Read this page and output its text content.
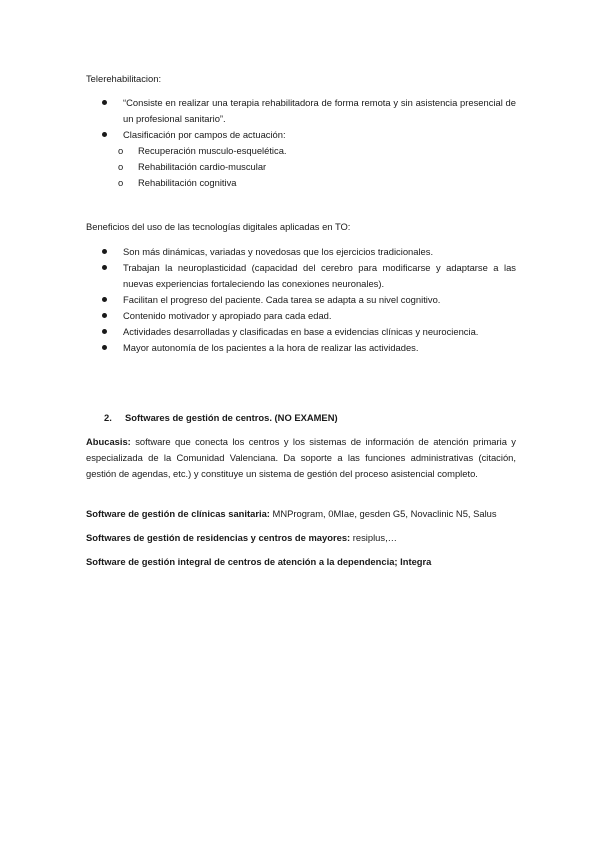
Telerehabilitacion:

“Consiste en realizar una terapia rehabilitadora de forma remota y sin asistencia presencial de un profesional sanitario”.

Clasificación por campos de actuación:

o Recuperación musculo-esquelética.
o Rehabilitación cardio-muscular
o Rehabilitación cognitiva
Beneficios del uso de las tecnologías digitales aplicadas en TO:

Son más dinámicas, variadas y novedosas que los ejercicios tradicionales.

Trabajan la neuroplasticidad (capacidad del cerebro para modificarse y adaptarse a las nuevas experiencias fortaleciendo las conexiones neuronales).

Facilitan el progreso del paciente. Cada tarea se adapta a su nivel cognitivo.

Contenido motivador y apropiado para cada edad.

Actividades desarrolladas y clasificadas en base a evidencias clínicas y neurociencia.

Mayor autonomía de los pacientes a la hora de realizar las actividades.

2. Softwares de gestión de centros. (NO EXAMEN)
Abucasis: software que conecta los centros y los sistemas de información de atención primaria y especializada de la Comunidad Valenciana. Da soporte a las funciones administrativas (citación, gestión de agendas, etc.) y constituye un sistema de gestión del proceso asistencial completo.
Software de gestión de clínicas sanitaria: MNProgram, 0MIae, gesden G5, Novaclinic N5, Salus
Softwares de gestión de residencias y centros de mayores: resiplus,…
Software de gestión integral de centros de atención a la dependencia; Integra
